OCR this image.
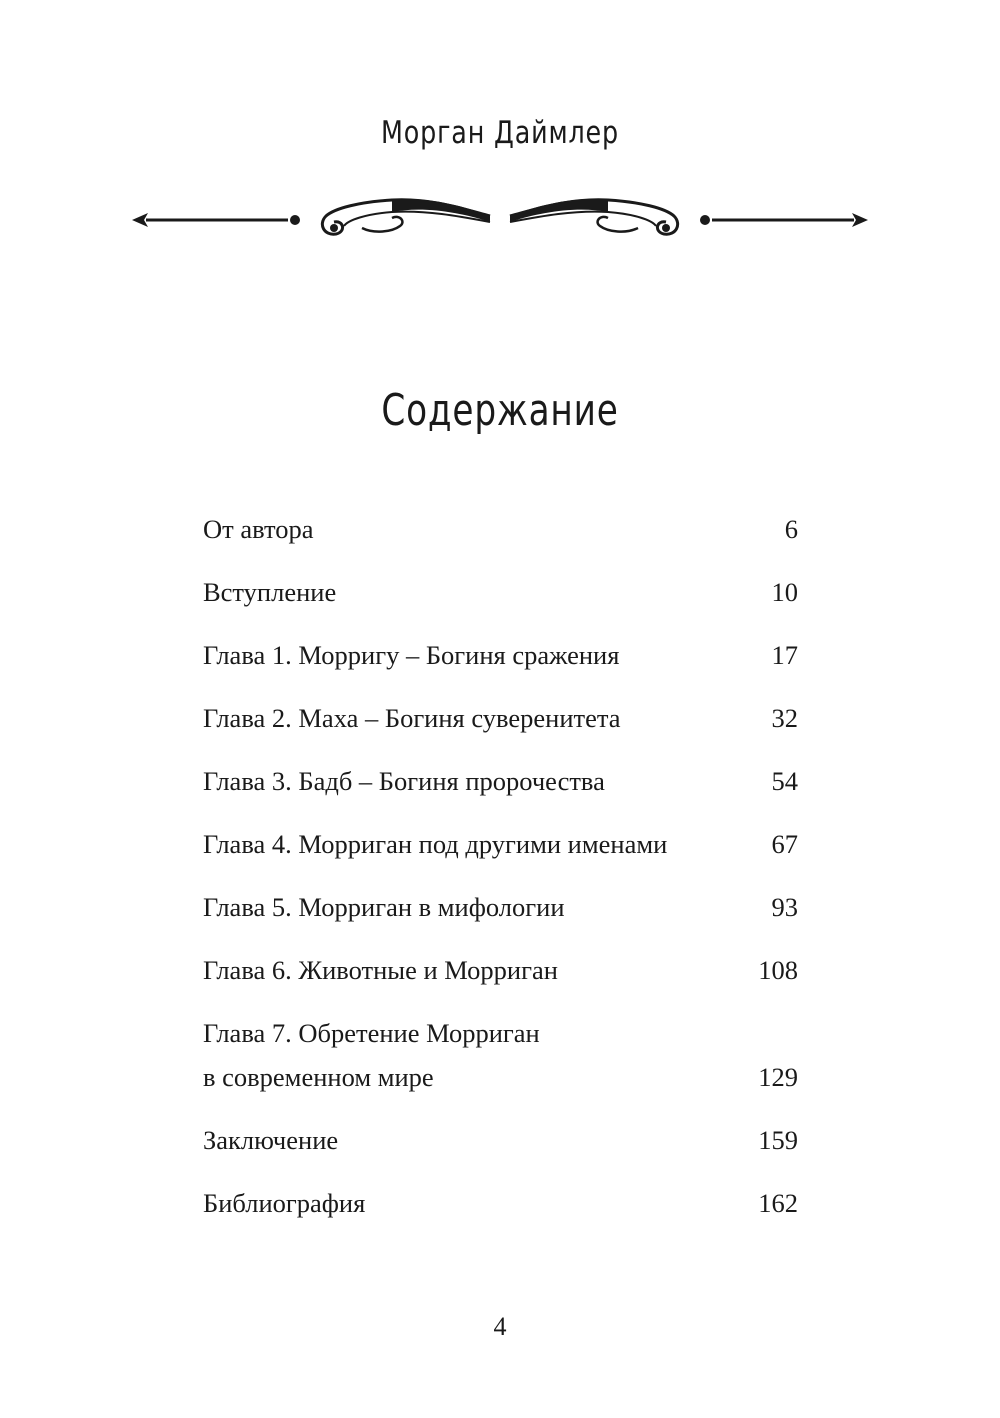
Морган Даймлер
Содержание
От автора	6
Вступление	10
Глава 1. Морригу – Богиня сражения	17
Глава 2. Маха – Богиня суверенитета	32
Глава 3. Бадб – Богиня пророчества	54
Глава 4. Морриган под другими именами	67
Глава 5. Морриган в мифологии	93
Глава 6. Животные и Морриган	108
Глава 7. Обретение Морриган
в современном мире	129
Заключение	159
Библиография	162
4
